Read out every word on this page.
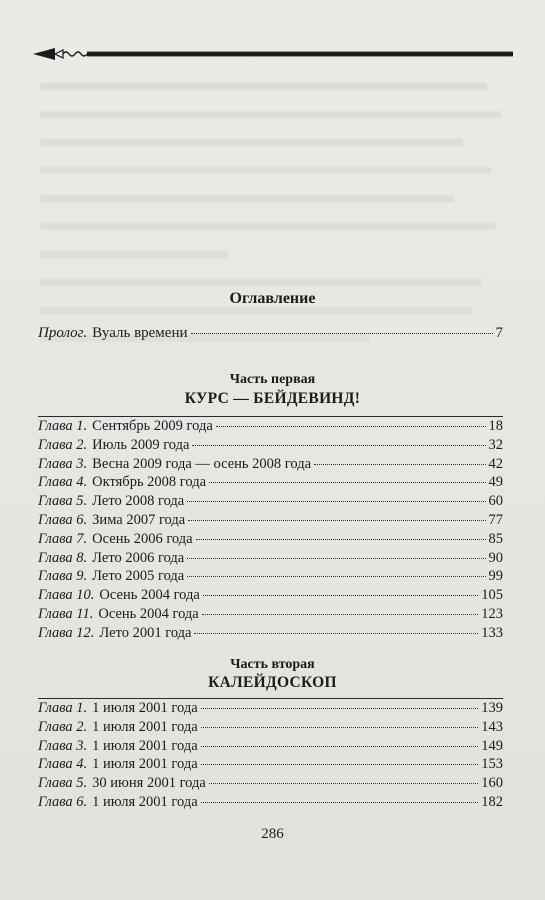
Оглавление
Пролог. Вуаль времени	7
Часть первая
КУРС — БЕЙДЕВИНД!
Глава 1. Сентябрь 2009 года	18
Глава 2. Июль 2009 года	32
Глава 3. Весна 2009 года — осень 2008 года	42
Глава 4. Октябрь 2008 года	49
Глава 5. Лето 2008 года	60
Глава 6. Зима 2007 года	77
Глава 7. Осень 2006 года	85
Глава 8. Лето 2006 года	90
Глава 9. Лето 2005 года	99
Глава 10. Осень 2004 года	105
Глава 11. Осень 2004 года	123
Глава 12. Лето 2001 года	133
Часть вторая
КАЛЕЙДОСКОП
Глава 1. 1 июля 2001 года	139
Глава 2. 1 июля 2001 года	143
Глава 3. 1 июля 2001 года	149
Глава 4. 1 июля 2001 года	153
Глава 5. 30 июня 2001 года	160
Глава 6. 1 июля 2001 года	182
286
